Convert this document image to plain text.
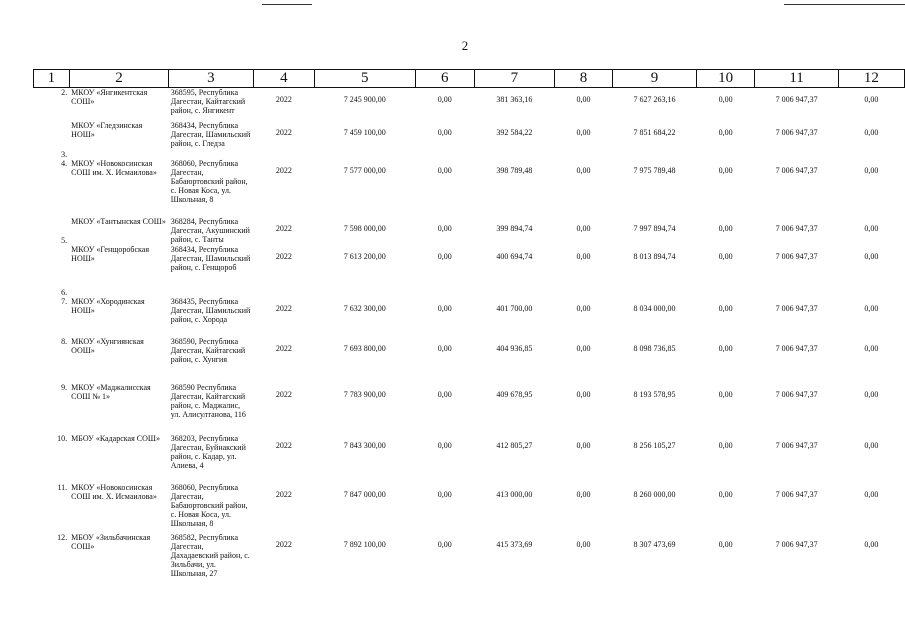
2
1	2	3	4	5	6	7	8	9	10	11	12
2.	МКОУ «Янгикентская СОШ»	368595, Республика Дагестан, Кайтагский район, с. Янгикент	2022	7 245 900,00	0,00	381 363,16	0,00	7 627 263,16	0,00	7 006 947,37	0,00
3.	МКОУ «Гледзинская НОШ»	368434, Республика Дагестан, Шамильский район, с. Гледза	2022	7 459 100,00	0,00	392 584,22	0,00	7 851 684,22	0,00	7 006 947,37	0,00
4.	МКОУ «Новокосинская СОШ им. Х. Исмаилова»	368060, Республика Дагестан, Бабаюртовский район, с. Новая Коса, ул. Школьная, 8	2022	7 577 000,00	0,00	398 789,48	0,00	7 975 789,48	0,00	7 006 947,37	0,00
5.	МКОУ «Тантынская СОШ»	368284, Республика Дагестан, Акушинский район, с. Танты	2022	7 598 000,00	0,00	399 894,74	0,00	7 997 894,74	0,00	7 006 947,37	0,00
6.	МКОУ «Генщоробская НОШ»	368434, Республика Дагестан, Шамильский район, с. Генщороб	2022	7 613 200,00	0,00	400 694,74	0,00	8 013 894,74	0,00	7 006 947,37	0,00
7.	МКОУ «Хородинская НОШ»	368435, Республика Дагестан, Шамильский район, с. Хорода	2022	7 632 300,00	0,00	401 700,00	0,00	8 034 000,00	0,00	7 006 947,37	0,00
8.	МКОУ «Хунгиянская ООШ»	368590, Республика Дагестан, Кайтагский район, с. Хунгия	2022	7 693 800,00	0,00	404 936,85	0,00	8 098 736,85	0,00	7 006 947,37	0,00
9.	МКОУ «Маджалисская СОШ № 1»	368590 Республика Дагестан, Кайтагский район, с. Маджалис, ул. Алисултанова, 116	2022	7 783 900,00	0,00	409 678,95	0,00	8 193 578,95	0,00	7 006 947,37	0,00
10.	МБОУ «Кадарская СОШ»	368203, Республика Дагестан, Буйнакский район, с. Кадар, ул. Алиева, 4	2022	7 843 300,00	0,00	412 805,27	0,00	8 256 105,27	0,00	7 006 947,37	0,00
11.	МКОУ «Новокосинская СОШ им. Х. Исмаилова»	368060, Республика Дагестан, Бабаюртовский район, с. Новая Коса, ул. Школьная, 8	2022	7 847 000,00	0,00	413 000,00	0,00	8 260 000,00	0,00	7 006 947,37	0,00
12.	МБОУ «Зильбачинская СОШ»	368582, Республика Дагестан, Дахадаевский район, с. Зильбачи, ул. Школьная, 27	2022	7 892 100,00	0,00	415 373,69	0,00	8 307 473,69	0,00	7 006 947,37	0,00
